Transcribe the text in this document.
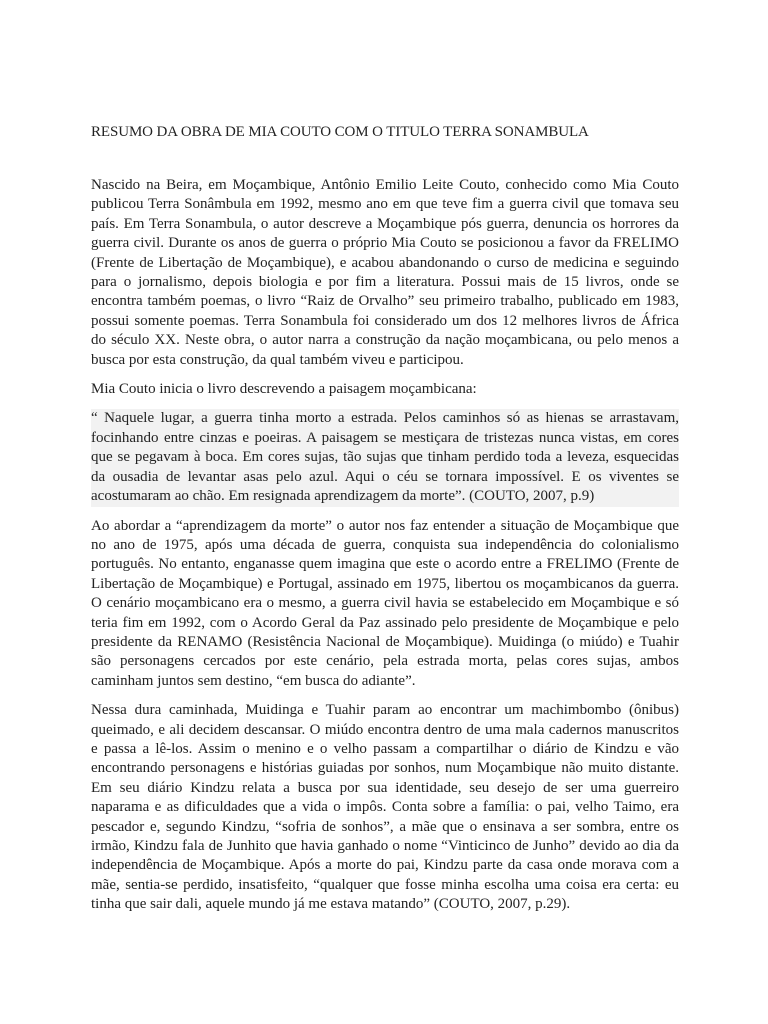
RESUMO DA OBRA DE MIA COUTO COM O TITULO TERRA SONAMBULA

Nascido na Beira, em Moçambique, Antônio Emilio Leite Couto, conhecido como Mia Couto publicou Terra Sonâmbula em 1992, mesmo ano em que teve fim a guerra civil que tomava seu país. Em Terra Sonambula, o autor descreve a Moçambique pós guerra, denuncia os horrores da guerra civil. Durante os anos de guerra o próprio Mia Couto se posicionou a favor da FRELIMO (Frente de Libertação de Moçambique), e acabou abandonando o curso de medicina e seguindo para o jornalismo, depois biologia e por fim a literatura. Possui mais de 15 livros, onde se encontra também poemas, o livro “Raiz de Orvalho” seu primeiro trabalho, publicado em 1983, possui somente poemas. Terra Sonambula foi considerado um dos 12 melhores livros de África do século XX. Neste obra, o autor narra a construção da nação moçambicana, ou pelo menos a busca por esta construção, da qual também viveu e participou.

Mia Couto inicia o livro descrevendo a paisagem moçambicana:

“ Naquele lugar, a guerra tinha morto a estrada. Pelos caminhos só as hienas se arrastavam, focinhando entre cinzas e poeiras. A paisagem se mestiçara de tristezas nunca vistas, em cores que se pegavam à boca. Em cores sujas, tão sujas que tinham perdido toda a leveza, esquecidas da ousadia de levantar asas pelo azul. Aqui o céu se tornara impossível. E os viventes se acostumaram ao chão. Em resignada aprendizagem da morte”. (COUTO, 2007, p.9)

Ao abordar a “aprendizagem da morte” o autor nos faz entender a situação de Moçambique que no ano de 1975, após uma década de guerra, conquista sua independência do colonialismo português. No entanto, enganasse quem imagina que este o acordo entre a FRELIMO (Frente de Libertação de Moçambique) e Portugal, assinado em 1975, libertou os moçambicanos da guerra. O cenário moçambicano era o mesmo, a guerra civil havia se estabelecido em Moçambique e só teria fim em 1992, com o Acordo Geral da Paz assinado pelo presidente de Moçambique e pelo presidente da RENAMO (Resistência Nacional de Moçambique). Muidinga (o miúdo) e Tuahir são personagens cercados por este cenário, pela estrada morta, pelas cores sujas, ambos caminham juntos sem destino, “em busca do adiante”.

Nessa dura caminhada, Muidinga e Tuahir param ao encontrar um machimbombo (ônibus) queimado, e ali decidem descansar. O miúdo encontra dentro de uma mala cadernos manuscritos e passa a lê-los. Assim o menino e o velho passam a compartilhar o diário de Kindzu e vão encontrando personagens e histórias guiadas por sonhos, num Moçambique não muito distante. Em seu diário Kindzu relata a busca por sua identidade, seu desejo de ser uma guerreiro naparama e as dificuldades que a vida o impôs. Conta sobre a família: o pai, velho Taimo, era pescador e, segundo Kindzu, “sofria de sonhos”, a mãe que o ensinava a ser sombra, entre os irmão, Kindzu fala de Junhito que havia ganhado o nome “Vinticinco de Junho” devido ao dia da independência de Moçambique. Após a morte do pai, Kindzu parte da casa onde morava com a mãe, sentia-se perdido, insatisfeito, “qualquer que fosse minha escolha uma coisa era certa: eu tinha que sair dali, aquele mundo já me estava matando” (COUTO, 2007, p.29).
